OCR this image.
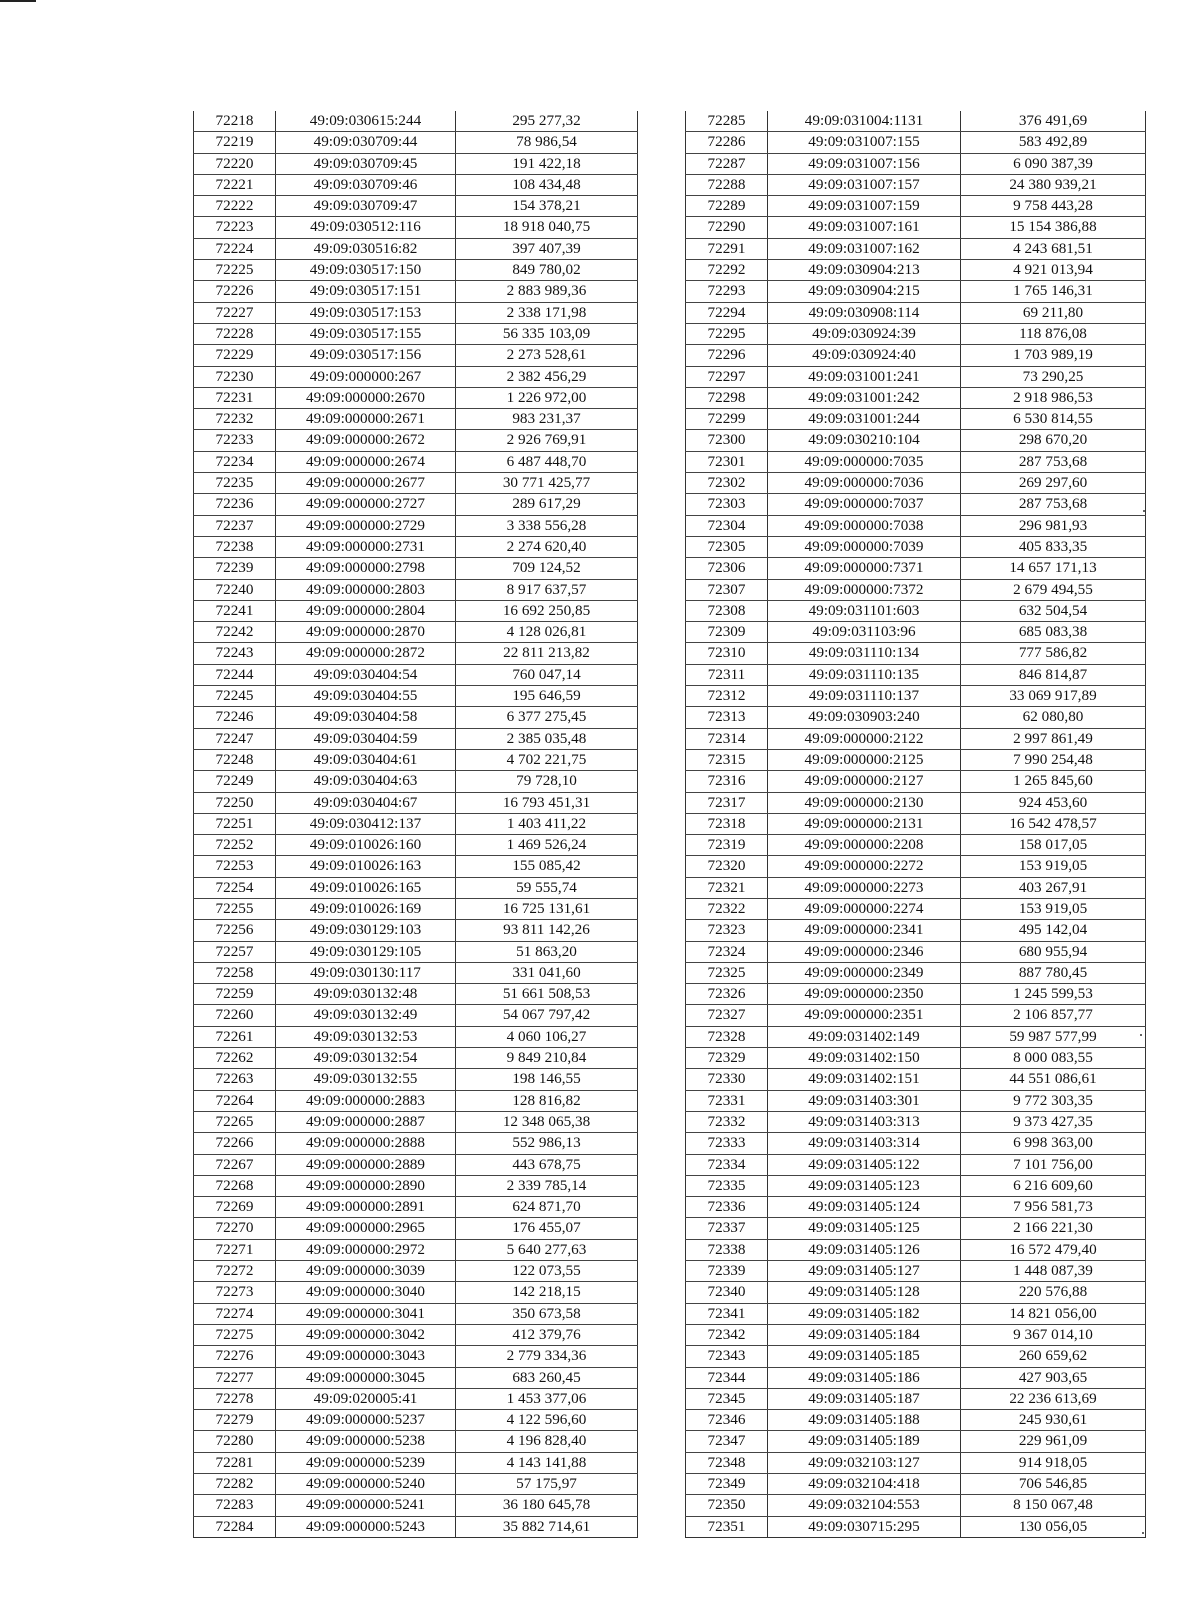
72218	49:09:030615:244	295 277,32
72219	49:09:030709:44	78 986,54
72220	49:09:030709:45	191 422,18
72221	49:09:030709:46	108 434,48
72222	49:09:030709:47	154 378,21
72223	49:09:030512:116	18 918 040,75
72224	49:09:030516:82	397 407,39
72225	49:09:030517:150	849 780,02
72226	49:09:030517:151	2 883 989,36
72227	49:09:030517:153	2 338 171,98
72228	49:09:030517:155	56 335 103,09
72229	49:09:030517:156	2 273 528,61
72230	49:09:000000:267	2 382 456,29
72231	49:09:000000:2670	1 226 972,00
72232	49:09:000000:2671	983 231,37
72233	49:09:000000:2672	2 926 769,91
72234	49:09:000000:2674	6 487 448,70
72235	49:09:000000:2677	30 771 425,77
72236	49:09:000000:2727	289 617,29
72237	49:09:000000:2729	3 338 556,28
72238	49:09:000000:2731	2 274 620,40
72239	49:09:000000:2798	709 124,52
72240	49:09:000000:2803	8 917 637,57
72241	49:09:000000:2804	16 692 250,85
72242	49:09:000000:2870	4 128 026,81
72243	49:09:000000:2872	22 811 213,82
72244	49:09:030404:54	760 047,14
72245	49:09:030404:55	195 646,59
72246	49:09:030404:58	6 377 275,45
72247	49:09:030404:59	2 385 035,48
72248	49:09:030404:61	4 702 221,75
72249	49:09:030404:63	79 728,10
72250	49:09:030404:67	16 793 451,31
72251	49:09:030412:137	1 403 411,22
72252	49:09:010026:160	1 469 526,24
72253	49:09:010026:163	155 085,42
72254	49:09:010026:165	59 555,74
72255	49:09:010026:169	16 725 131,61
72256	49:09:030129:103	93 811 142,26
72257	49:09:030129:105	51 863,20
72258	49:09:030130:117	331 041,60
72259	49:09:030132:48	51 661 508,53
72260	49:09:030132:49	54 067 797,42
72261	49:09:030132:53	4 060 106,27
72262	49:09:030132:54	9 849 210,84
72263	49:09:030132:55	198 146,55
72264	49:09:000000:2883	128 816,82
72265	49:09:000000:2887	12 348 065,38
72266	49:09:000000:2888	552 986,13
72267	49:09:000000:2889	443 678,75
72268	49:09:000000:2890	2 339 785,14
72269	49:09:000000:2891	624 871,70
72270	49:09:000000:2965	176 455,07
72271	49:09:000000:2972	5 640 277,63
72272	49:09:000000:3039	122 073,55
72273	49:09:000000:3040	142 218,15
72274	49:09:000000:3041	350 673,58
72275	49:09:000000:3042	412 379,76
72276	49:09:000000:3043	2 779 334,36
72277	49:09:000000:3045	683 260,45
72278	49:09:020005:41	1 453 377,06
72279	49:09:000000:5237	4 122 596,60
72280	49:09:000000:5238	4 196 828,40
72281	49:09:000000:5239	4 143 141,88
72282	49:09:000000:5240	57 175,97
72283	49:09:000000:5241	36 180 645,78
72284	49:09:000000:5243	35 882 714,61
72285	49:09:031004:1131	376 491,69
72286	49:09:031007:155	583 492,89
72287	49:09:031007:156	6 090 387,39
72288	49:09:031007:157	24 380 939,21
72289	49:09:031007:159	9 758 443,28
72290	49:09:031007:161	15 154 386,88
72291	49:09:031007:162	4 243 681,51
72292	49:09:030904:213	4 921 013,94
72293	49:09:030904:215	1 765 146,31
72294	49:09:030908:114	69 211,80
72295	49:09:030924:39	118 876,08
72296	49:09:030924:40	1 703 989,19
72297	49:09:031001:241	73 290,25
72298	49:09:031001:242	2 918 986,53
72299	49:09:031001:244	6 530 814,55
72300	49:09:030210:104	298 670,20
72301	49:09:000000:7035	287 753,68
72302	49:09:000000:7036	269 297,60
72303	49:09:000000:7037	287 753,68
72304	49:09:000000:7038	296 981,93
72305	49:09:000000:7039	405 833,35
72306	49:09:000000:7371	14 657 171,13
72307	49:09:000000:7372	2 679 494,55
72308	49:09:031101:603	632 504,54
72309	49:09:031103:96	685 083,38
72310	49:09:031110:134	777 586,82
72311	49:09:031110:135	846 814,87
72312	49:09:031110:137	33 069 917,89
72313	49:09:030903:240	62 080,80
72314	49:09:000000:2122	2 997 861,49
72315	49:09:000000:2125	7 990 254,48
72316	49:09:000000:2127	1 265 845,60
72317	49:09:000000:2130	924 453,60
72318	49:09:000000:2131	16 542 478,57
72319	49:09:000000:2208	158 017,05
72320	49:09:000000:2272	153 919,05
72321	49:09:000000:2273	403 267,91
72322	49:09:000000:2274	153 919,05
72323	49:09:000000:2341	495 142,04
72324	49:09:000000:2346	680 955,94
72325	49:09:000000:2349	887 780,45
72326	49:09:000000:2350	1 245 599,53
72327	49:09:000000:2351	2 106 857,77
72328	49:09:031402:149	59 987 577,99
72329	49:09:031402:150	8 000 083,55
72330	49:09:031402:151	44 551 086,61
72331	49:09:031403:301	9 772 303,35
72332	49:09:031403:313	9 373 427,35
72333	49:09:031403:314	6 998 363,00
72334	49:09:031405:122	7 101 756,00
72335	49:09:031405:123	6 216 609,60
72336	49:09:031405:124	7 956 581,73
72337	49:09:031405:125	2 166 221,30
72338	49:09:031405:126	16 572 479,40
72339	49:09:031405:127	1 448 087,39
72340	49:09:031405:128	220 576,88
72341	49:09:031405:182	14 821 056,00
72342	49:09:031405:184	9 367 014,10
72343	49:09:031405:185	260 659,62
72344	49:09:031405:186	427 903,65
72345	49:09:031405:187	22 236 613,69
72346	49:09:031405:188	245 930,61
72347	49:09:031405:189	229 961,09
72348	49:09:032103:127	914 918,05
72349	49:09:032104:418	706 546,85
72350	49:09:032104:553	8 150 067,48
72351	49:09:030715:295	130 056,05
